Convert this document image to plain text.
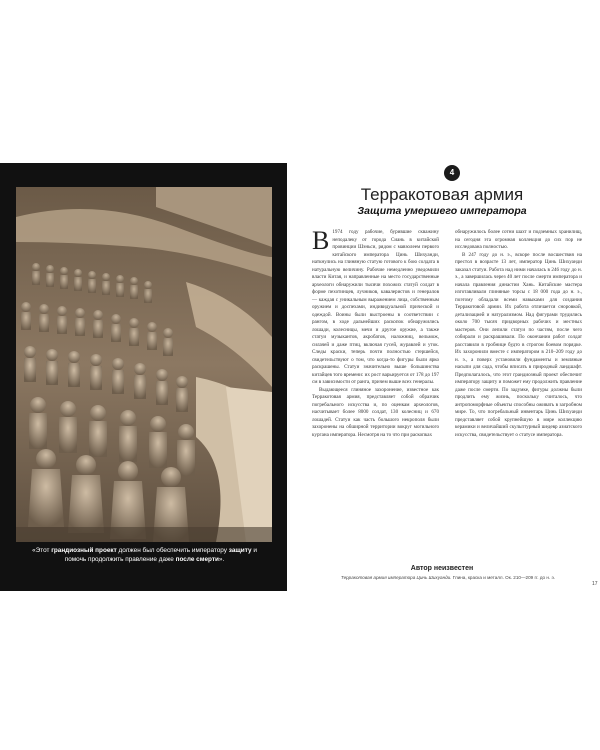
«Этот грандиозный проект должен был обеспечить императору защиту и помочь продолжить правление даже после смерти».
4
Терракотовая армия
Защита умершего императора

В 1974 году рабочие, бурившие скважину неподалеку от города Сиань в китайской провинции Шэньси, рядом с мавзолеем первого китайского императора Цинь Шихуанди, наткнулись на глиняную статую готового к бою солдата в натуральную величину. Рабочие немедленно уведомили власти Китая, и направленные на место государственные археологи обнаружили тысячи похожих статуй солдат в форме пехотинцев, лучников, кавалеристов и генералов — каждая с уникальным выражением лица, собственным оружием и доспехами, индивидуальной прической и одеждой. Воины были выстроены в соответствии с рангом, в ходе дальнейших раскопок обнаружились лошади, колесницы, мечи и другое оружие, а также статуи музыкантов, акробатов, наложниц, вельмож, силачей и даже птиц, включая гусей, журавлей и уток. Следы краски, теперь почти полностью стершейся, свидетельствуют о том, что когда-то фигуры были ярко раскрашены. Статуи значительно выше большинства китайцев того времени: их рост варьируется от 178 до 197 см в зависимости от ранга, причем выше всех генералы.

Выдающееся глиняное захоронение, известное как Терракотовая армия, представляет собой образчик погребального искусства и, по оценкам археологов, насчитывает более 8000 солдат, 130 колесниц и 670 лошадей. Статуи как часть большого некрополя были захоронены на обширной территории вокруг могильного кургана императора. Несмотря на то что при раскопках

обнаружилось более сотни шахт и подземных хранилищ, на сегодня эта огромная коллекция до сих пор не исследована полностью.

В 247 году до н. э., вскоре после восшествия на престол в возрасте 13 лет, император Цинь Шихуанди заказал статуи. Работа над ними началась в 246 году до н. э., а завершилась через 40 лет после смерти императора и начала правления династии Хань. Китайские мастера изготавливали глиняные торсы с 18 000 года до н. э., поэтому обладали всеми навыками для создания Терракотовой армии. Их работа отличается сноровкой, детализацией и натурализмом. Над фигурами трудились около 700 тысяч придворных рабочих и местных мастеров. Они лепили статуи по частям, после чего собирали и раскрашивали. По окончании работ солдат расставили в гробнице будто в строгом боевом порядке. Их захоронили вместе с императором в 210–209 году до н. э., а поверх установили фундаменты и земляные насыпи для сада, чтобы вписать в природный ландшафт. Предполагалось, что этот грандиозный проект обеспечит императору защиту и поможет ему продолжить правление даже после смерти. По задумке, фигуры должны были продлить ему жизнь, поскольку считалось, что антропоморфные объекты способны оживать в загробном мире. То, что погребальный инвентарь Цинь Шихуанди представляет собой крупнейшую в мире коллекцию керамики и величайший скульптурный шедевр азиатского искусства, свидетельствует о статусе императора.

Автор неизвестен
Терракотовая армия императора Цинь Шихуанди. Глина, краска и металл. Ок. 210—209 гг. до н. э.
17
